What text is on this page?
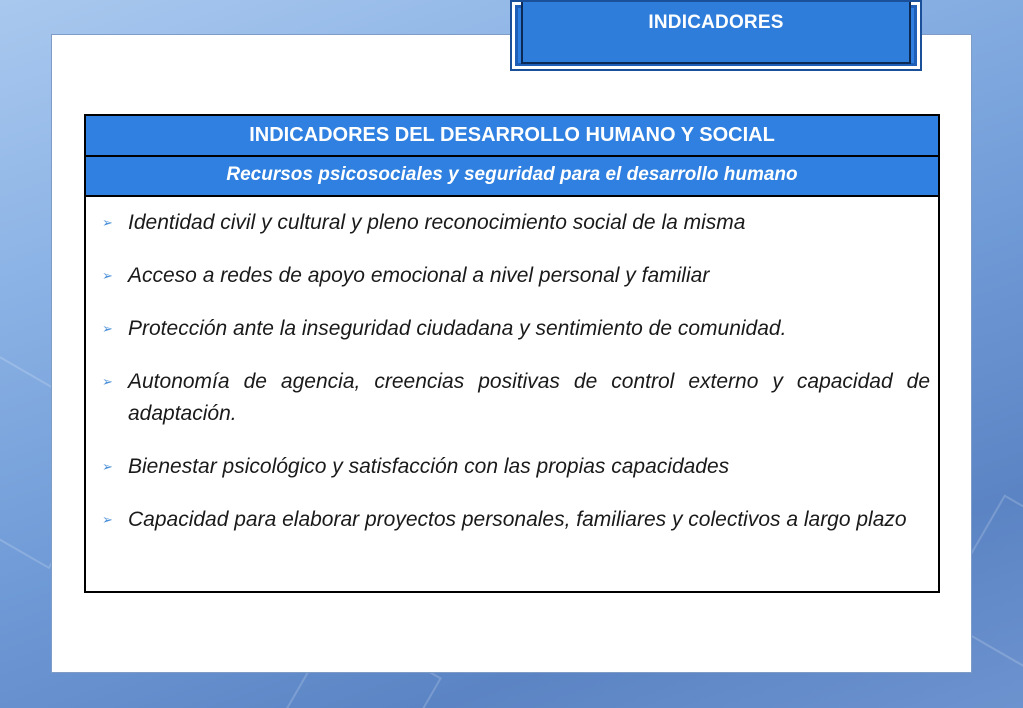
INDICADORES
INDICADORES DEL DESARROLLO HUMANO Y SOCIAL
Recursos psicosociales y seguridad para el desarrollo humano
➢ Identidad civil y cultural y pleno reconocimiento social de la misma
➢ Acceso a redes de apoyo emocional a nivel personal y familiar
➢ Protección ante la inseguridad ciudadana y sentimiento de comunidad.
➢ Autonomía de agencia, creencias positivas de control externo y capacidad de adaptación.
➢ Bienestar psicológico y satisfacción con las propias capacidades
➢ Capacidad para elaborar proyectos personales, familiares y colectivos a largo plazo
